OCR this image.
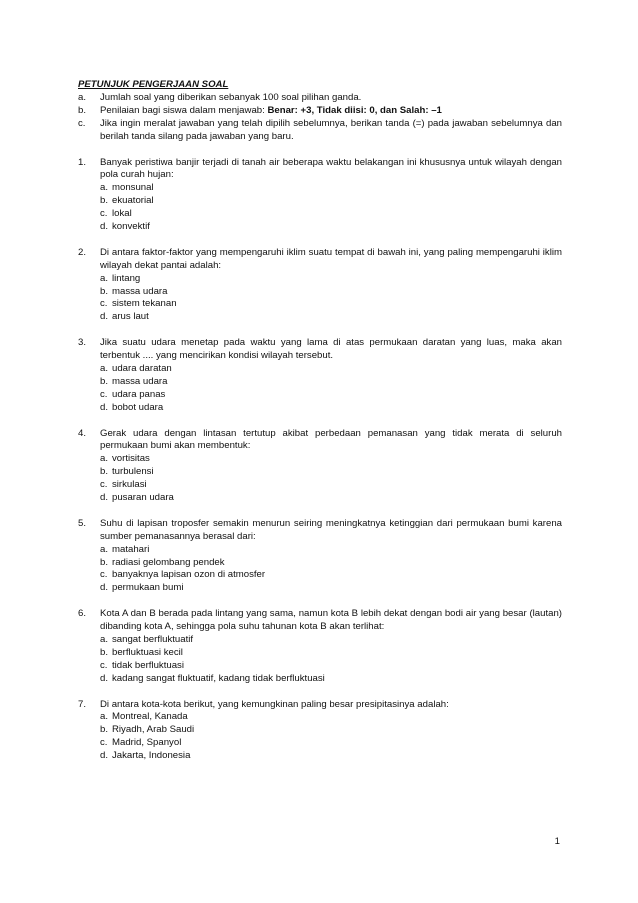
PETUNJUK PENGERJAAN SOAL
a.	Jumlah soal yang diberikan sebanyak 100 soal pilihan ganda.
b.	Penilaian bagi siswa dalam menjawab: Benar: +3, Tidak diisi: 0, dan Salah: –1
c.	Jika ingin meralat jawaban yang telah dipilih sebelumnya, berikan tanda (=) pada jawaban sebelumnya dan berilah tanda silang pada jawaban yang baru.
1.	Banyak peristiwa banjir terjadi di tanah air beberapa waktu belakangan ini khususnya untuk wilayah dengan pola curah hujan:
a. monsunal
b. ekuatorial
c. lokal
d. konvektif
2.	Di antara faktor-faktor yang mempengaruhi iklim suatu tempat di bawah ini, yang paling mempengaruhi iklim wilayah dekat pantai adalah:
a. lintang
b. massa udara
c. sistem tekanan
d. arus laut
3.	Jika suatu udara menetap pada waktu yang lama di atas permukaan daratan yang luas, maka akan terbentuk .... yang mencirikan kondisi wilayah tersebut.
a. udara daratan
b. massa udara
c. udara panas
d. bobot udara
4.	Gerak udara dengan lintasan tertutup akibat perbedaan pemanasan yang tidak merata di seluruh permukaan bumi akan membentuk:
a. vortisitas
b. turbulensi
c. sirkulasi
d. pusaran udara
5.	Suhu di lapisan troposfer semakin menurun seiring meningkatnya ketinggian dari permukaan bumi karena sumber pemanasannya berasal dari:
a. matahari
b. radiasi gelombang pendek
c. banyaknya lapisan ozon di atmosfer
d. permukaan bumi
6.	Kota A dan B berada pada lintang yang sama, namun kota B lebih dekat dengan bodi air yang besar (lautan) dibanding kota A, sehingga pola suhu tahunan kota B akan terlihat:
a. sangat berfluktuatif
b. berfluktuasi kecil
c. tidak berfluktuasi
d. kadang sangat fluktuatif, kadang tidak berfluktuasi
7.	Di antara kota-kota berikut, yang kemungkinan paling besar presipitasinya adalah:
a. Montreal, Kanada
b. Riyadh, Arab Saudi
c. Madrid, Spanyol
d. Jakarta, Indonesia
1
